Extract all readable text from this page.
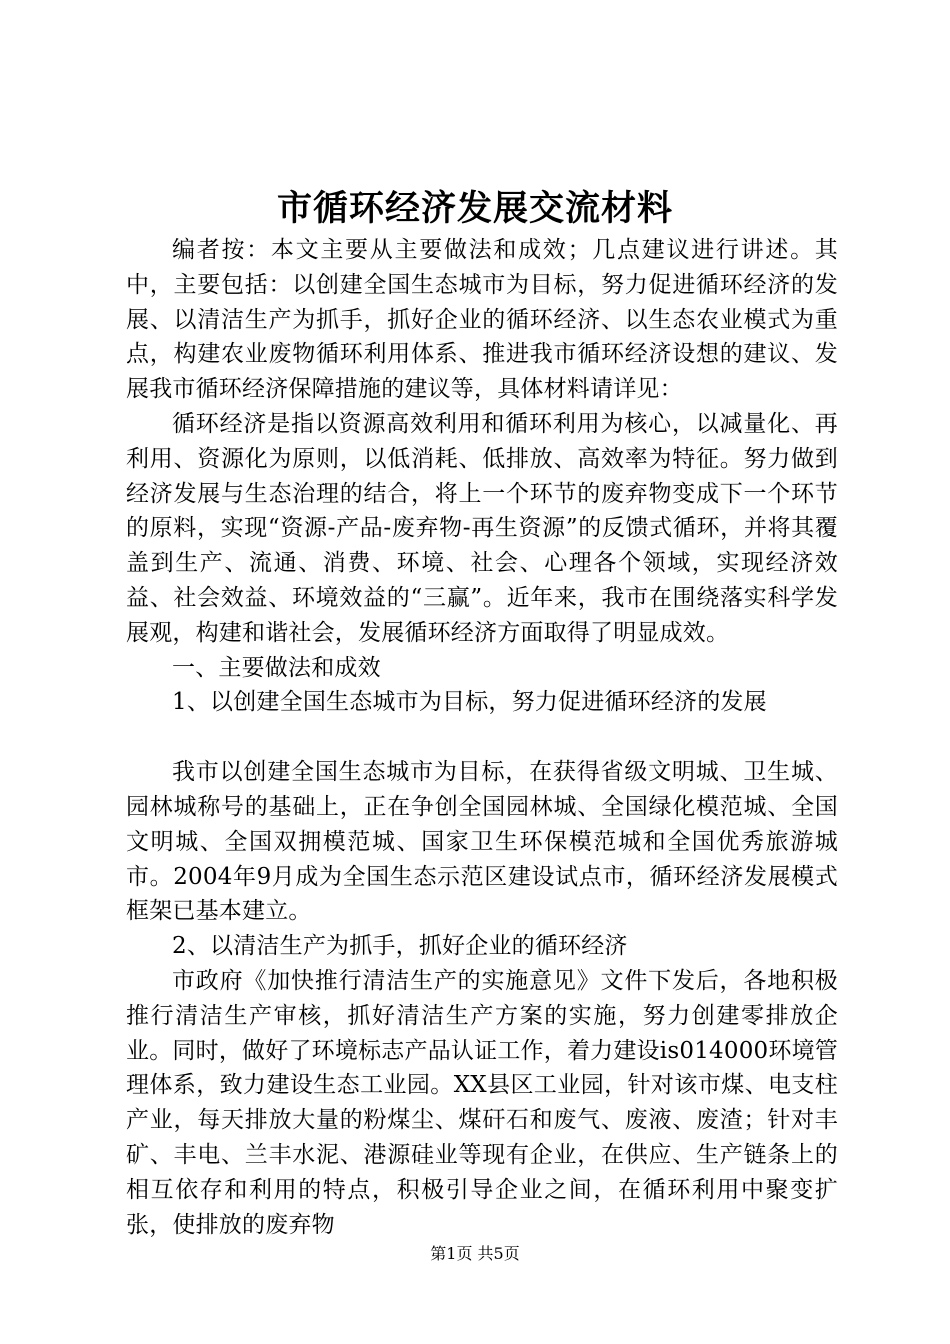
市循环经济发展交流材料

编者按：本文主要从主要做法和成效；几点建议进行讲述。其中，主要包括：以创建全国生态城市为目标，努力促进循环经济的发展、以清洁生产为抓手，抓好企业的循环经济、以生态农业模式为重点，构建农业废物循环利用体系、推进我市循环经济设想的建议、发展我市循环经济保障措施的建议等，具体材料请详见：

循环经济是指以资源高效利用和循环利用为核心，以减量化、再利用、资源化为原则，以低消耗、低排放、高效率为特征。努力做到经济发展与生态治理的结合，将上一个环节的废弃物变成下一个环节的原料，实现“资源-产品-废弃物-再生资源”的反馈式循环，并将其覆盖到生产、流通、消费、环境、社会、心理各个领域，实现经济效益、社会效益、环境效益的“三赢”。近年来，我市在围绕落实科学发展观，构建和谐社会，发展循环经济方面取得了明显成效。

一、主要做法和成效

1、以创建全国生态城市为目标，努力促进循环经济的发展

我市以创建全国生态城市为目标，在获得省级文明城、卫生城、园林城称号的基础上，正在争创全国园林城、全国绿化模范城、全国文明城、全国双拥模范城、国家卫生环保模范城和全国优秀旅游城市。2004年9月成为全国生态示范区建设试点市，循环经济发展模式框架已基本建立。

2、以清洁生产为抓手，抓好企业的循环经济

市政府《加快推行清洁生产的实施意见》文件下发后，各地积极推行清洁生产审核，抓好清洁生产方案的实施，努力创建零排放企业。同时，做好了环境标志产品认证工作，着力建设is014000环境管理体系，致力建设生态工业园。XX县区工业园，针对该市煤、电支柱产业，每天排放大量的粉煤尘、煤矸石和废气、废液、废渣；针对丰矿、丰电、兰丰水泥、港源硅业等现有企业，在供应、生产链条上的相互依存和利用的特点，积极引导企业之间，在循环利用中聚变扩张，使排放的废弃物

第1页 共5页
